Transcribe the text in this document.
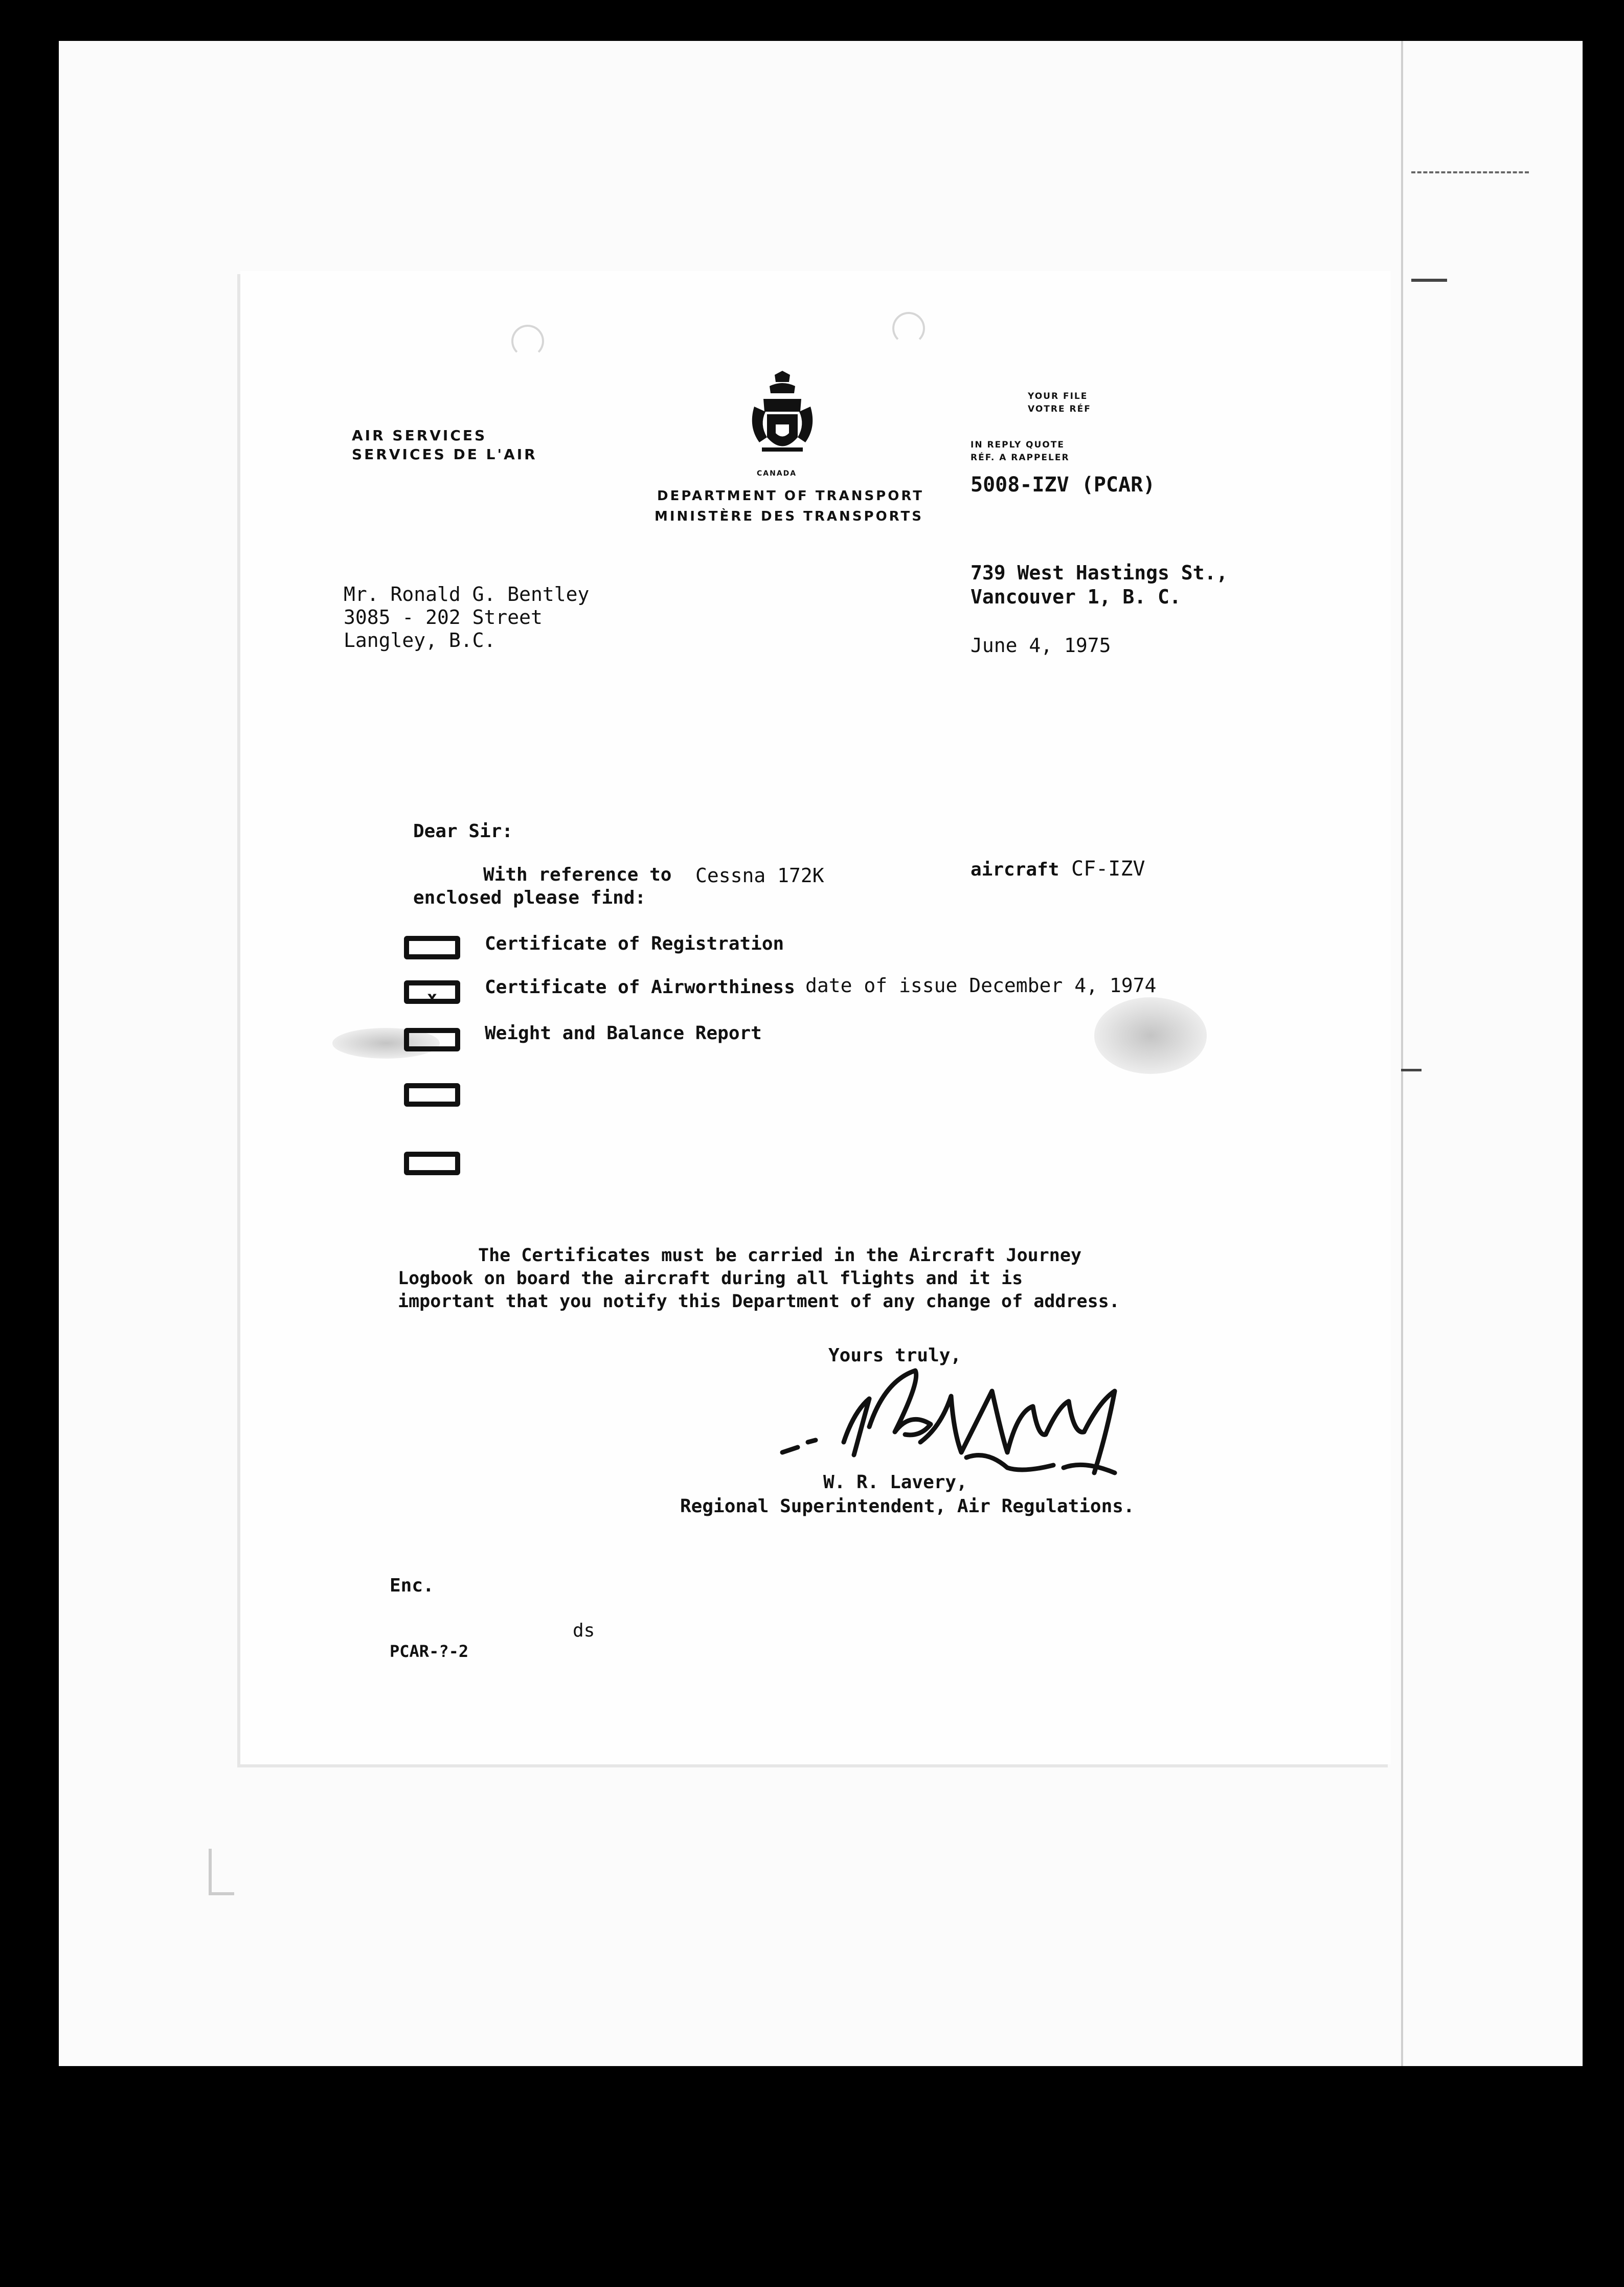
AIR SERVICES
SERVICES DE L'AIR
CANADA
DEPARTMENT OF TRANSPORT
MINISTÈRE DES TRANSPORTS
YOUR FILE
VOTRE RÉF
IN REPLY QUOTE
RÉF. A RAPPELER
5008-IZV (PCAR)
739 West Hastings St.,
Vancouver 1, B. C.
June 4, 1975
Mr. Ronald G. Bentley
3085 - 202 Street
Langley, B.C.
Dear Sir:
With reference to Cessna 172K	aircraft CF-IZV
enclosed please find:
Certificate of Registration
x	Certificate of Airworthiness date of issue December 4, 1974
Weight and Balance Report
The Certificates must be carried in the Aircraft Journey
Logbook on board the aircraft during all flights and it is
important that you notify this Department of any change of address.
Yours truly,
W. R. Lavery,
Regional Superintendent, Air Regulations.
Enc.
ds
PCAR-?-2
